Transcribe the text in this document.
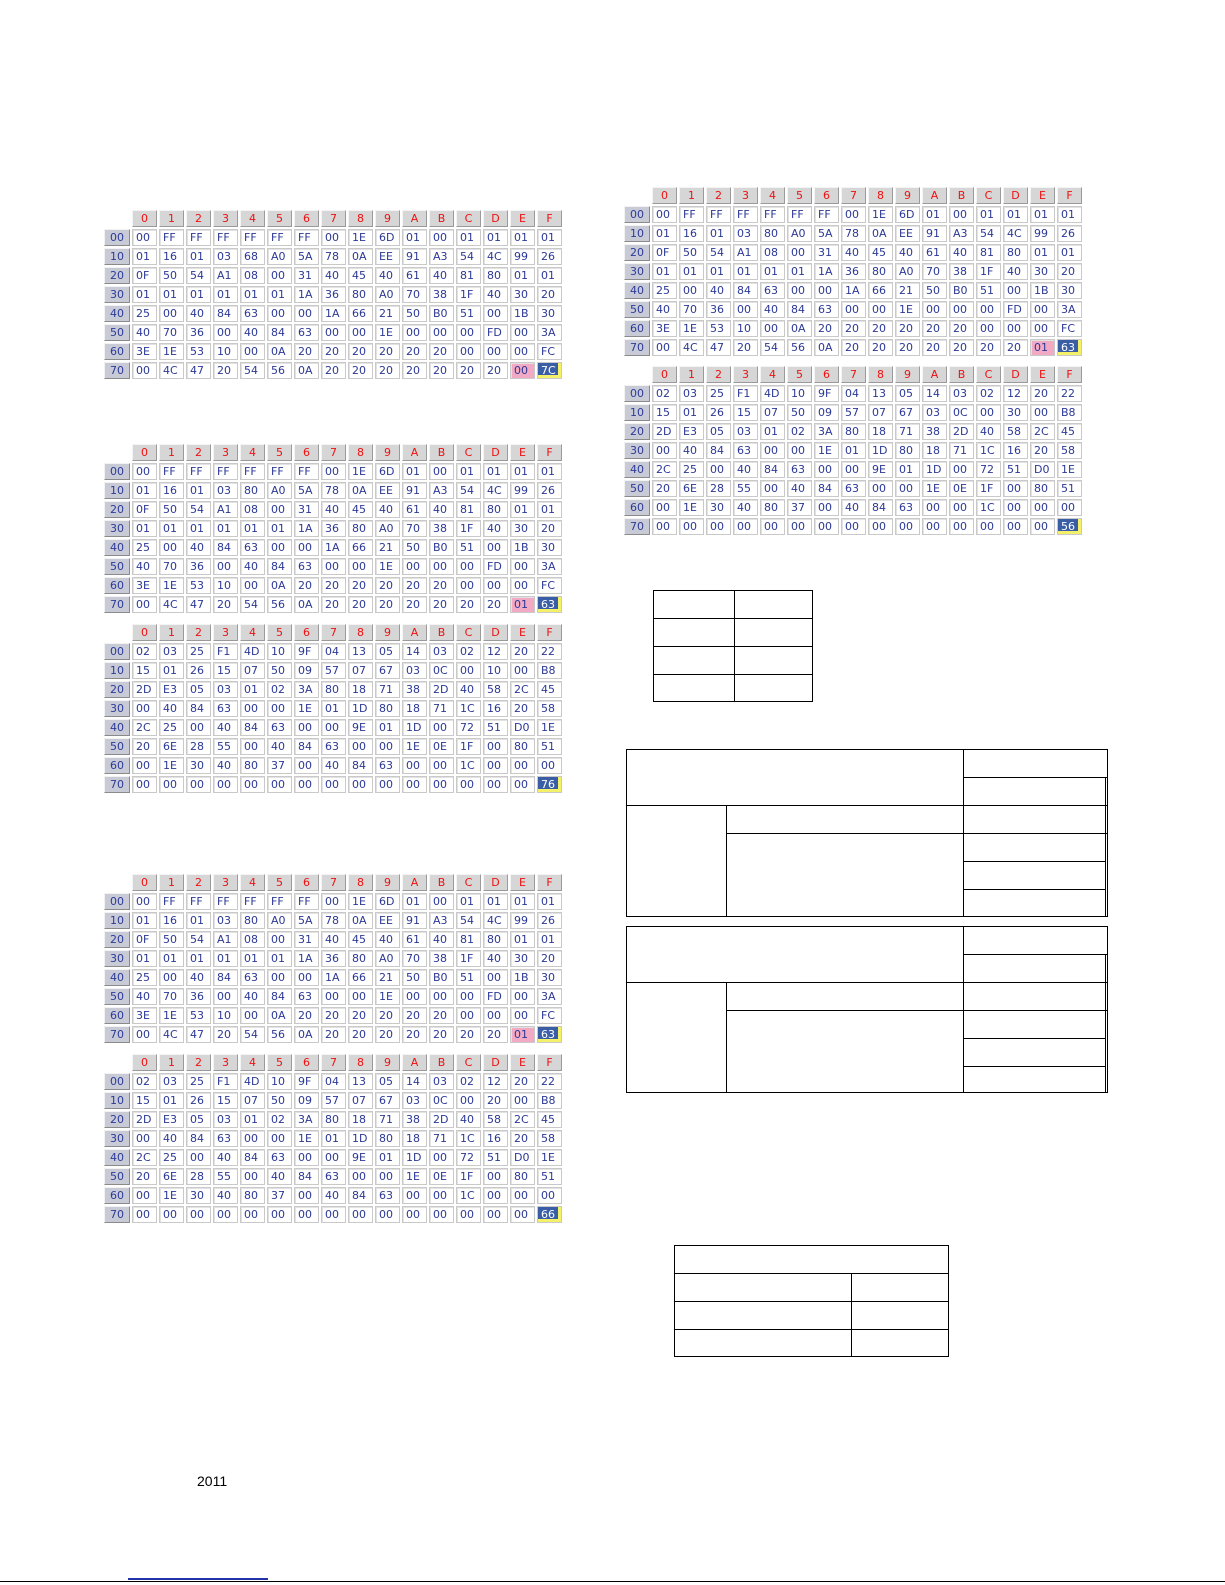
	0	1	2	3	4	5	6	7	8	9	A	B	C	D	E	F
00	00	FF	FF	FF	FF	FF	FF	00	1E	6D	01	00	01	01	01	01
10	01	16	01	03	68	A0	5A	78	0A	EE	91	A3	54	4C	99	26
20	0F	50	54	A1	08	00	31	40	45	40	61	40	81	80	01	01
30	01	01	01	01	01	01	1A	36	80	A0	70	38	1F	40	30	20
40	25	00	40	84	63	00	00	1A	66	21	50	B0	51	00	1B	30
50	40	70	36	00	40	84	63	00	00	1E	00	00	00	FD	00	3A
60	3E	1E	53	10	00	0A	20	20	20	20	20	20	00	00	00	FC
70	00	4C	47	20	54	56	0A	20	20	20	20	20	20	20	00	7C
	0	1	2	3	4	5	6	7	8	9	A	B	C	D	E	F
00	00	FF	FF	FF	FF	FF	FF	00	1E	6D	01	00	01	01	01	01
10	01	16	01	03	80	A0	5A	78	0A	EE	91	A3	54	4C	99	26
20	0F	50	54	A1	08	00	31	40	45	40	61	40	81	80	01	01
30	01	01	01	01	01	01	1A	36	80	A0	70	38	1F	40	30	20
40	25	00	40	84	63	00	00	1A	66	21	50	B0	51	00	1B	30
50	40	70	36	00	40	84	63	00	00	1E	00	00	00	FD	00	3A
60	3E	1E	53	10	00	0A	20	20	20	20	20	20	00	00	00	FC
70	00	4C	47	20	54	56	0A	20	20	20	20	20	20	20	01	63
	0	1	2	3	4	5	6	7	8	9	A	B	C	D	E	F
00	02	03	25	F1	4D	10	9F	04	13	05	14	03	02	12	20	22
10	15	01	26	15	07	50	09	57	07	67	03	0C	00	10	00	B8
20	2D	E3	05	03	01	02	3A	80	18	71	38	2D	40	58	2C	45
30	00	40	84	63	00	00	1E	01	1D	80	18	71	1C	16	20	58
40	2C	25	00	40	84	63	00	00	9E	01	1D	00	72	51	D0	1E
50	20	6E	28	55	00	40	84	63	00	00	1E	0E	1F	00	80	51
60	00	1E	30	40	80	37	00	40	84	63	00	00	1C	00	00	00
70	00	00	00	00	00	00	00	00	00	00	00	00	00	00	00	76
	0	1	2	3	4	5	6	7	8	9	A	B	C	D	E	F
00	00	FF	FF	FF	FF	FF	FF	00	1E	6D	01	00	01	01	01	01
10	01	16	01	03	80	A0	5A	78	0A	EE	91	A3	54	4C	99	26
20	0F	50	54	A1	08	00	31	40	45	40	61	40	81	80	01	01
30	01	01	01	01	01	01	1A	36	80	A0	70	38	1F	40	30	20
40	25	00	40	84	63	00	00	1A	66	21	50	B0	51	00	1B	30
50	40	70	36	00	40	84	63	00	00	1E	00	00	00	FD	00	3A
60	3E	1E	53	10	00	0A	20	20	20	20	20	20	00	00	00	FC
70	00	4C	47	20	54	56	0A	20	20	20	20	20	20	20	01	63
	0	1	2	3	4	5	6	7	8	9	A	B	C	D	E	F
00	02	03	25	F1	4D	10	9F	04	13	05	14	03	02	12	20	22
10	15	01	26	15	07	50	09	57	07	67	03	0C	00	20	00	B8
20	2D	E3	05	03	01	02	3A	80	18	71	38	2D	40	58	2C	45
30	00	40	84	63	00	00	1E	01	1D	80	18	71	1C	16	20	58
40	2C	25	00	40	84	63	00	00	9E	01	1D	00	72	51	D0	1E
50	20	6E	28	55	00	40	84	63	00	00	1E	0E	1F	00	80	51
60	00	1E	30	40	80	37	00	40	84	63	00	00	1C	00	00	00
70	00	00	00	00	00	00	00	00	00	00	00	00	00	00	00	66
	0	1	2	3	4	5	6	7	8	9	A	B	C	D	E	F
00	00	FF	FF	FF	FF	FF	FF	00	1E	6D	01	00	01	01	01	01
10	01	16	01	03	80	A0	5A	78	0A	EE	91	A3	54	4C	99	26
20	0F	50	54	A1	08	00	31	40	45	40	61	40	81	80	01	01
30	01	01	01	01	01	01	1A	36	80	A0	70	38	1F	40	30	20
40	25	00	40	84	63	00	00	1A	66	21	50	B0	51	00	1B	30
50	40	70	36	00	40	84	63	00	00	1E	00	00	00	FD	00	3A
60	3E	1E	53	10	00	0A	20	20	20	20	20	20	00	00	00	FC
70	00	4C	47	20	54	56	0A	20	20	20	20	20	20	20	01	63
	0	1	2	3	4	5	6	7	8	9	A	B	C	D	E	F
00	02	03	25	F1	4D	10	9F	04	13	05	14	03	02	12	20	22
10	15	01	26	15	07	50	09	57	07	67	03	0C	00	30	00	B8
20	2D	E3	05	03	01	02	3A	80	18	71	38	2D	40	58	2C	45
30	00	40	84	63	00	00	1E	01	1D	80	18	71	1C	16	20	58
40	2C	25	00	40	84	63	00	00	9E	01	1D	00	72	51	D0	1E
50	20	6E	28	55	00	40	84	63	00	00	1E	0E	1F	00	80	51
60	00	1E	30	40	80	37	00	40	84	63	00	00	1C	00	00	00
70	00	00	00	00	00	00	00	00	00	00	00	00	00	00	00	56

2011
